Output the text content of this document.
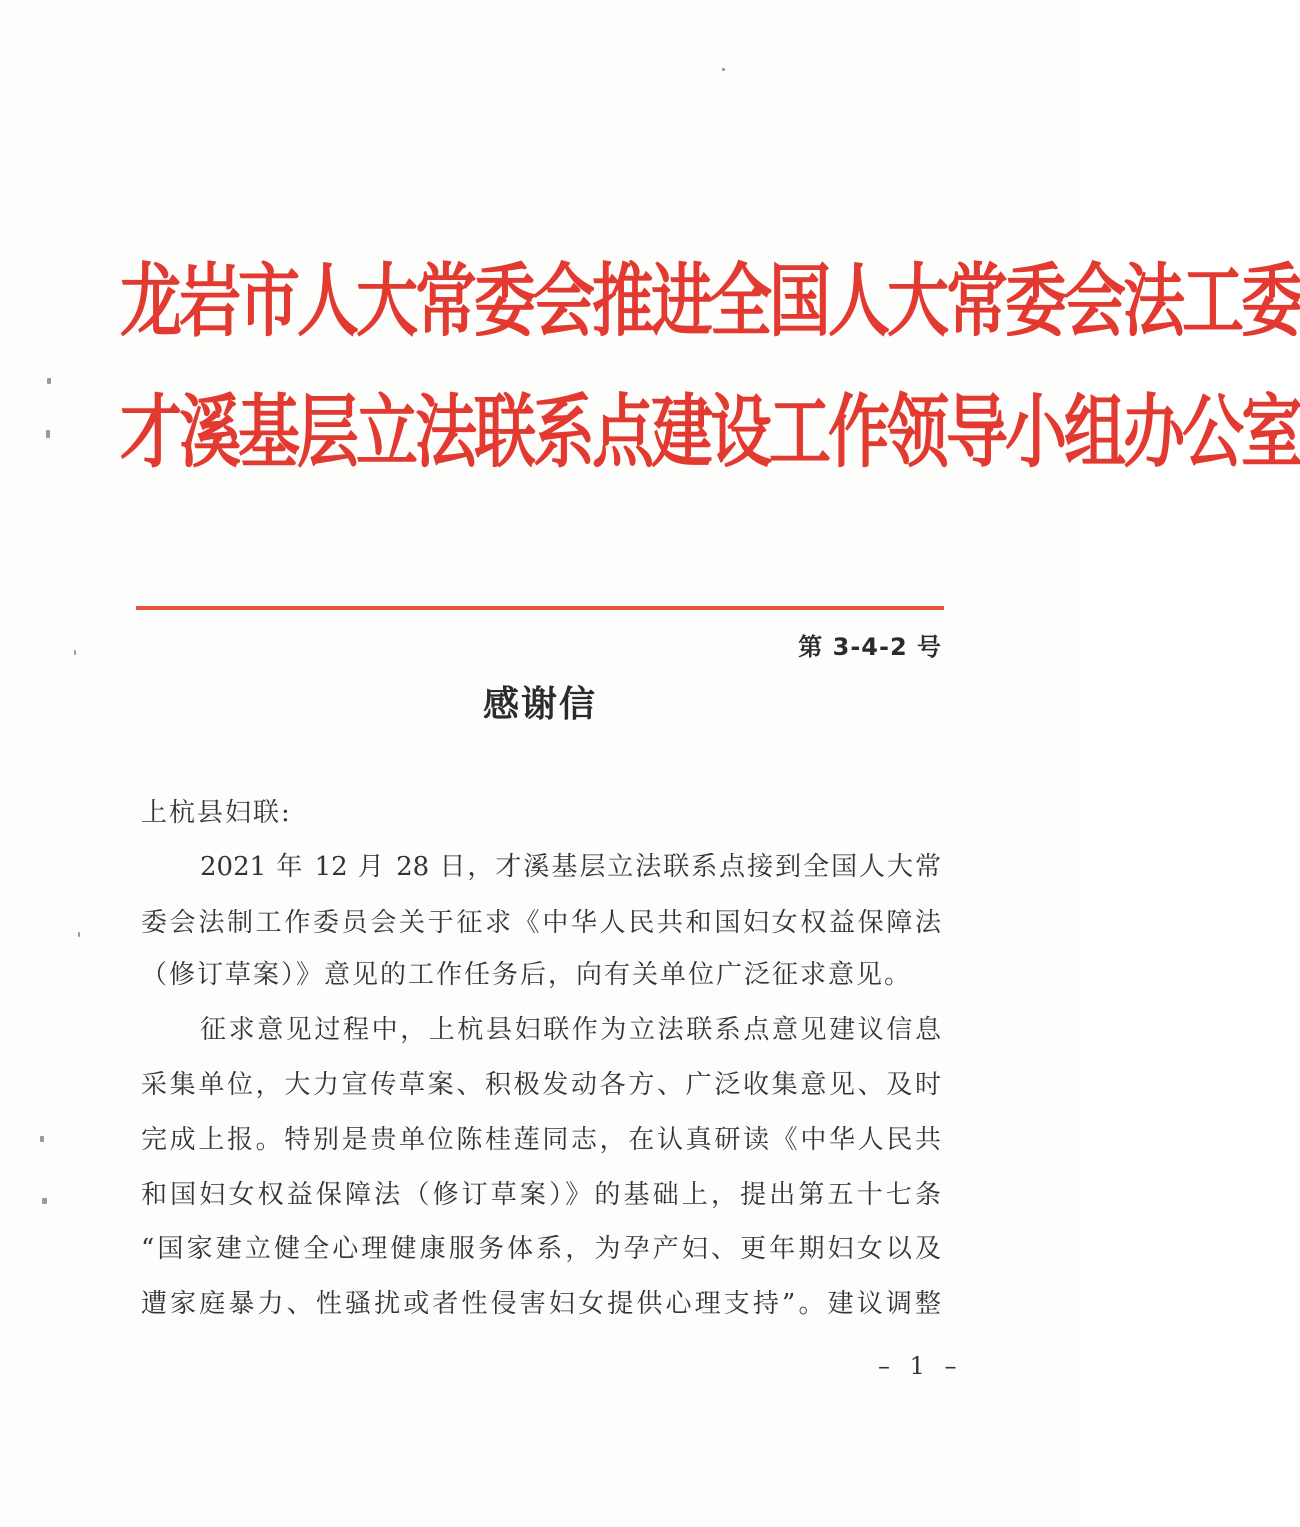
龙岩市人大常委会推进全国人大常委会法工委
才溪基层立法联系点建设工作领导小组办公室
第 3-4-2 号
感谢信
上杭县妇联:
2021 年 12 月 28 日，才溪基层立法联系点接到全国人大常
委会法制工作委员会关于征求《中华人民共和国妇女权益保障法
（修订草案）》意见的工作任务后，向有关单位广泛征求意见。
征求意见过程中，上杭县妇联作为立法联系点意见建议信息
采集单位，大力宣传草案、积极发动各方、广泛收集意见、及时
完成上报。特别是贵单位陈桂莲同志，在认真研读《中华人民共
和国妇女权益保障法（修订草案）》的基础上，提出第五十七条
“国家建立健全心理健康服务体系，为孕产妇、更年期妇女以及
遭家庭暴力、性骚扰或者性侵害妇女提供心理支持”。建议调整
– 1 –
